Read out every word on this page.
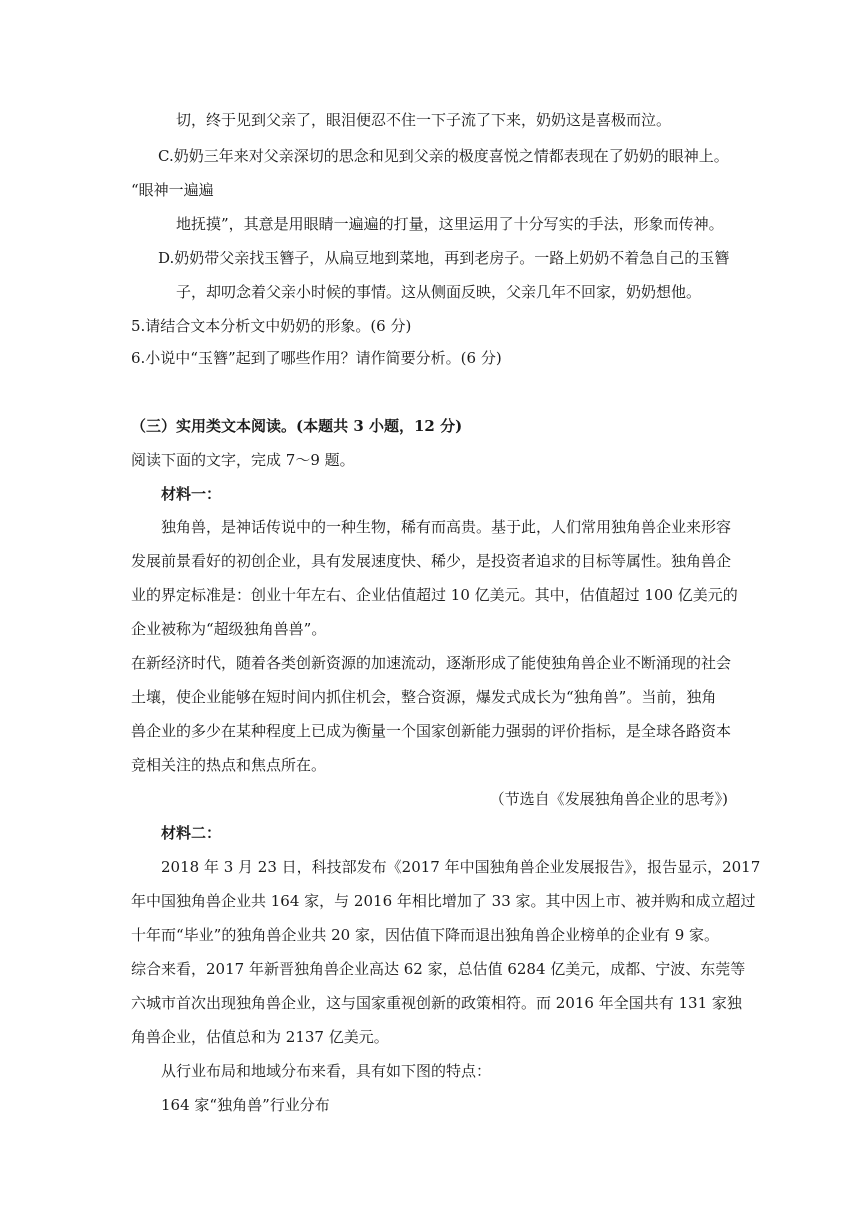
切，终于见到父亲了，眼泪便忍不住一下子流了下来，奶奶这是喜极而泣。
C.奶奶三年来对父亲深切的思念和见到父亲的极度喜悦之情都表现在了奶奶的眼神上。
“眼神一遍遍
地抚摸”，其意是用眼睛一遍遍的打量，这里运用了十分写实的手法，形象而传神。
D.奶奶带父亲找玉簪子，从扁豆地到菜地，再到老房子。一路上奶奶不着急自己的玉簪
子，却叨念着父亲小时候的事情。这从侧面反映，父亲几年不回家，奶奶想他。
5.请结合文本分析文中奶奶的形象。(6 分)
6.小说中“玉簪”起到了哪些作用？请作简要分析。(6 分)
（三）实用类文本阅读。(本题共 3 小题，12 分)
阅读下面的文字，完成 7～9 题。
材料一：
独角兽，是神话传说中的一种生物，稀有而高贵。基于此，人们常用独角兽企业来形容
发展前景看好的初创企业，具有发展速度快、稀少，是投资者追求的目标等属性。独角兽企
业的界定标准是：创业十年左右、企业估值超过 10 亿美元。其中，估值超过 100 亿美元的
企业被称为“超级独角兽兽”。
在新经济时代，随着各类创新资源的加速流动，逐渐形成了能使独角兽企业不断涌现的社会
土壤，使企业能够在短时间内抓住机会，整合资源，爆发式成长为“独角兽”。当前，独角
兽企业的多少在某种程度上已成为衡量一个国家创新能力强弱的评价指标，是全球各路资本
竞相关注的热点和焦点所在。
（节选自《发展独角兽企业的思考》)
材料二：
2018 年 3 月 23 日，科技部发布《2017 年中国独角兽企业发展报告》，报告显示，2017
年中国独角兽企业共 164 家，与 2016 年相比增加了 33 家。其中因上市、被并购和成立超过
十年而“毕业”的独角兽企业共 20 家，因估值下降而退出独角兽企业榜单的企业有 9 家。
综合来看，2017 年新晋独角兽企业高达 62 家，总估值 6284 亿美元，成都、宁波、东莞等
六城市首次出现独角兽企业，这与国家重视创新的政策相符。而 2016 年全国共有 131 家独
角兽企业，估值总和为 2137 亿美元。
从行业布局和地域分布来看，具有如下图的特点：
164 家“独角兽”行业分布
